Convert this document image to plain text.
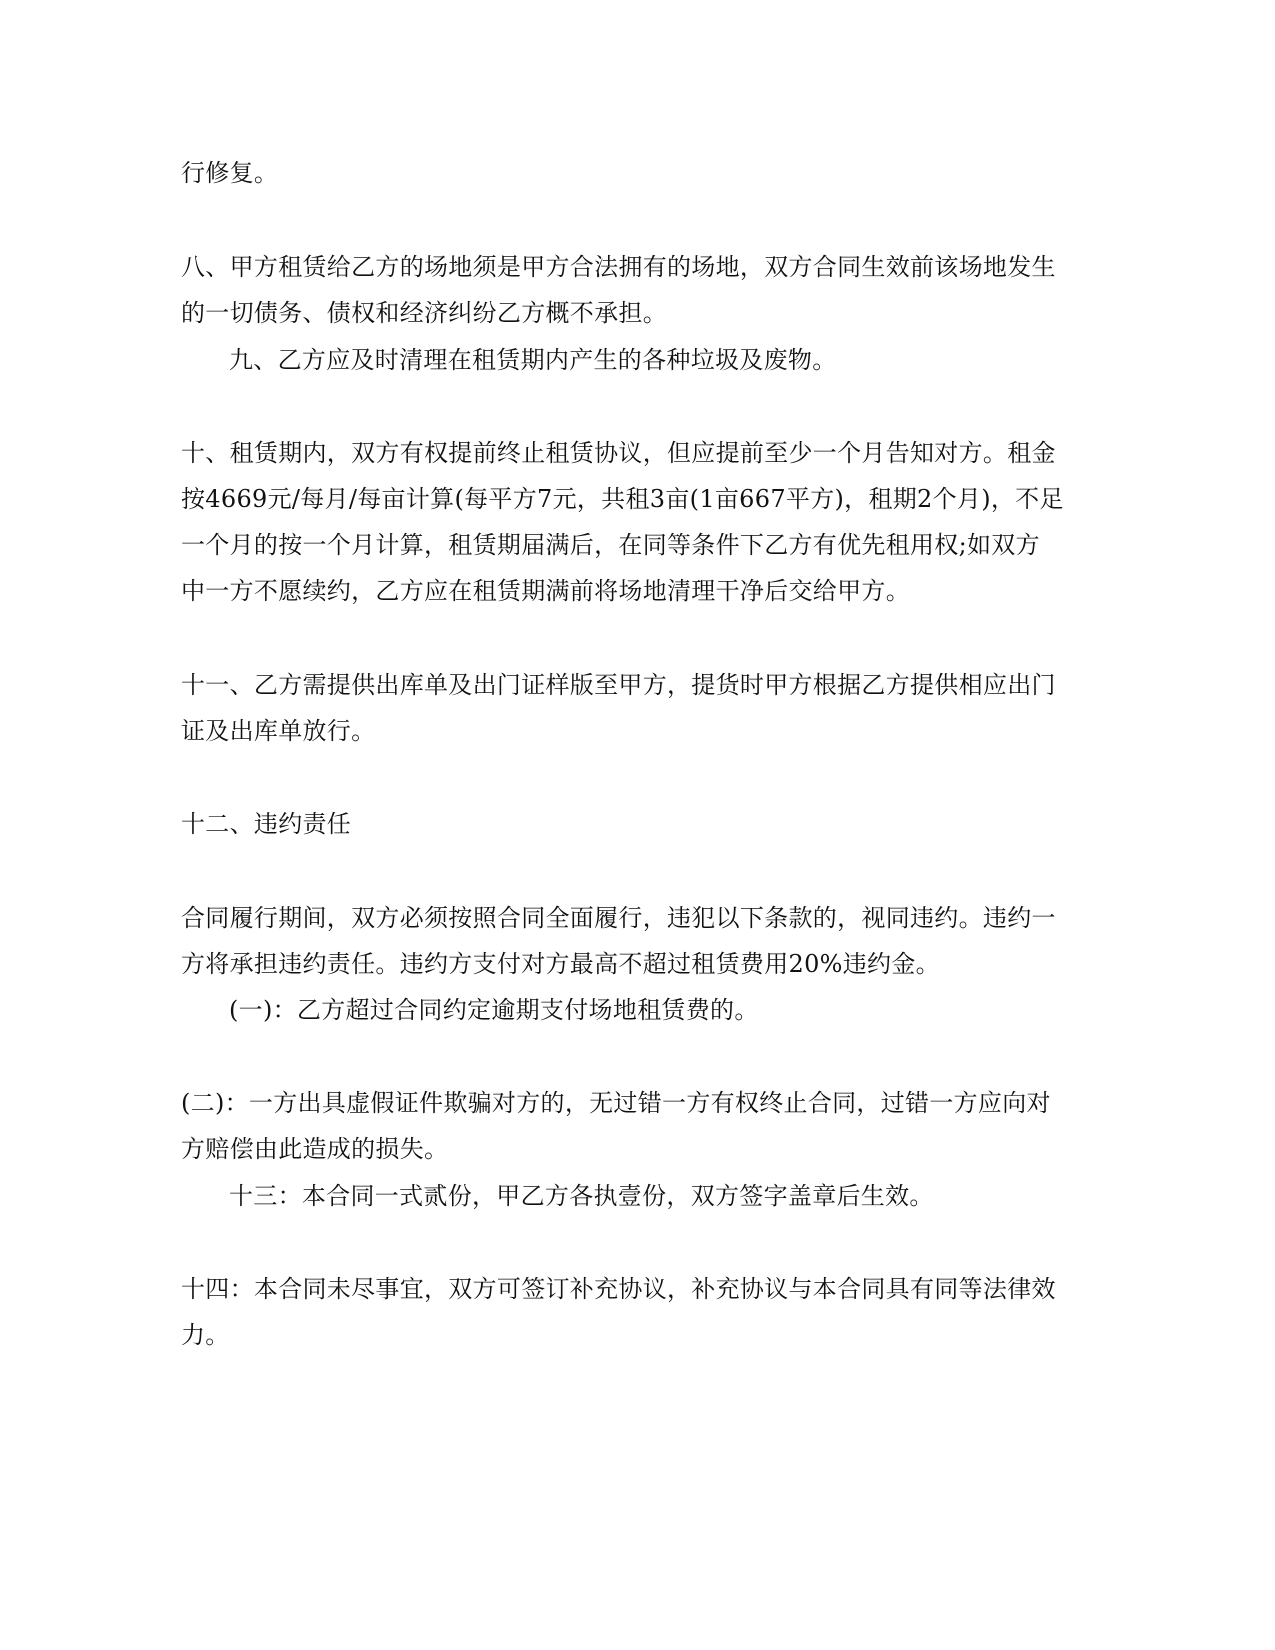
行修复。
八、甲方租赁给乙方的场地须是甲方合法拥有的场地，双方合同生效前该场地发生
的一切债务、债权和经济纠纷乙方概不承担。
九、乙方应及时清理在租赁期内产生的各种垃圾及废物。
十、租赁期内，双方有权提前终止租赁协议，但应提前至少一个月告知对方。租金
按4669元/每月/每亩计算(每平方7元，共租3亩(1亩667平方)，租期2个月)，不足
一个月的按一个月计算，租赁期届满后，在同等条件下乙方有优先租用权;如双方
中一方不愿续约，乙方应在租赁期满前将场地清理干净后交给甲方。
十一、乙方需提供出库单及出门证样版至甲方，提货时甲方根据乙方提供相应出门
证及出库单放行。
十二、违约责任
合同履行期间，双方必须按照合同全面履行，违犯以下条款的，视同违约。违约一
方将承担违约责任。违约方支付对方最高不超过租赁费用20%违约金。
(一)：乙方超过合同约定逾期支付场地租赁费的。
(二)：一方出具虚假证件欺骗对方的，无过错一方有权终止合同，过错一方应向对
方赔偿由此造成的损失。
十三：本合同一式贰份，甲乙方各执壹份，双方签字盖章后生效。
十四：本合同未尽事宜，双方可签订补充协议，补充协议与本合同具有同等法律效
力。
